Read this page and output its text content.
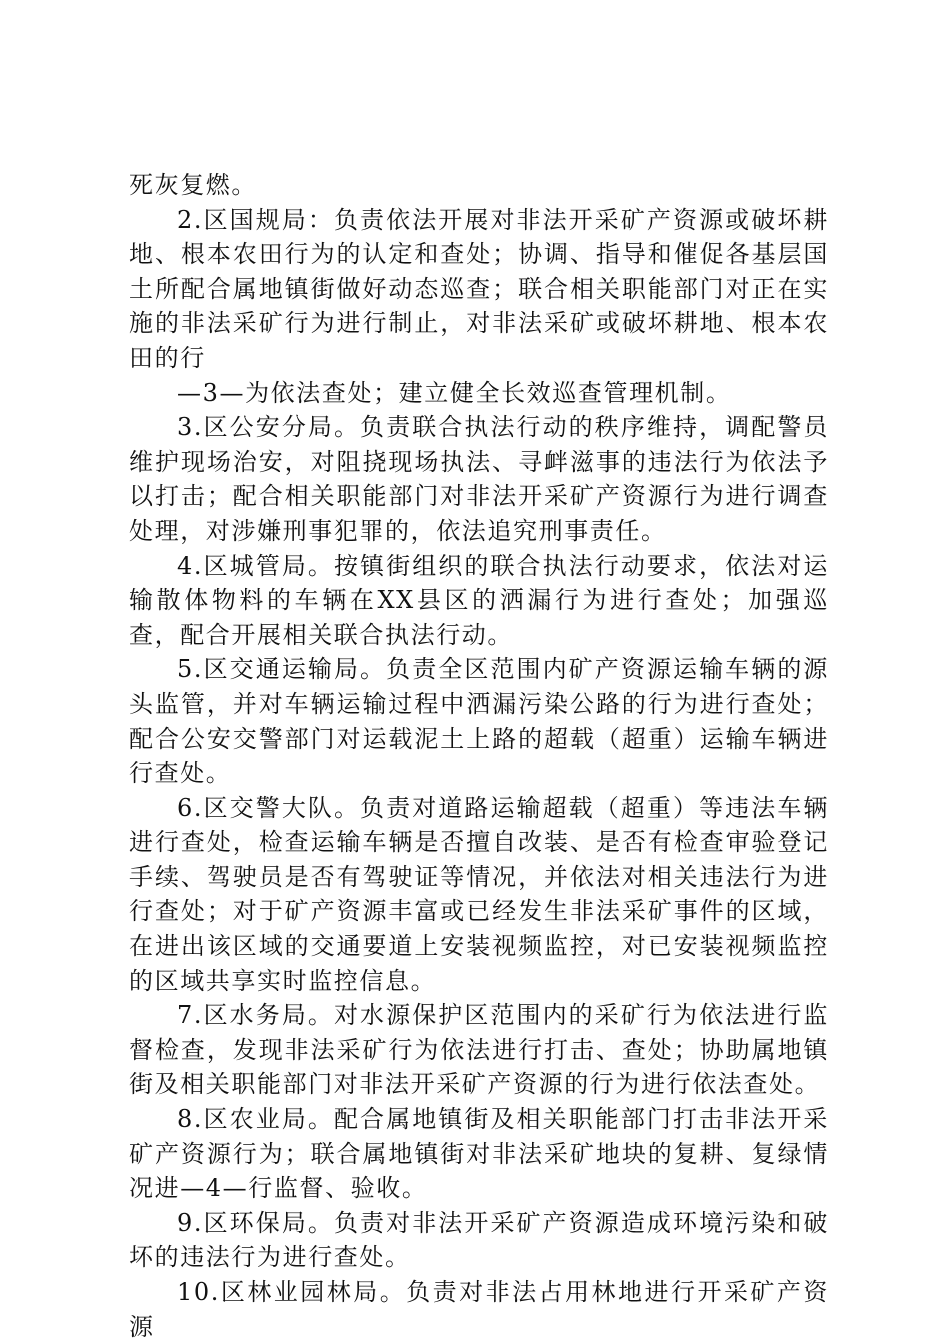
死灰复燃。

2.区国规局：负责依法开展对非法开采矿产资源或破坏耕地、根本农田行为的认定和查处；协调、指导和催促各基层国土所配合属地镇街做好动态巡查；联合相关职能部门对正在实施的非法采矿行为进行制止，对非法采矿或破坏耕地、根本农田的行

—3—为依法查处；建立健全长效巡查管理机制。

3.区公安分局。负责联合执法行动的秩序维持，调配警员维护现场治安，对阻挠现场执法、寻衅滋事的违法行为依法予以打击；配合相关职能部门对非法开采矿产资源行为进行调查处理，对涉嫌刑事犯罪的，依法追究刑事责任。

4.区城管局。按镇街组织的联合执法行动要求，依法对运输散体物料的车辆在XX县区的洒漏行为进行查处；加强巡查，配合开展相关联合执法行动。

5.区交通运输局。负责全区范围内矿产资源运输车辆的源头监管，并对车辆运输过程中洒漏污染公路的行为进行查处；配合公安交警部门对运载泥土上路的超载（超重）运输车辆进行查处。

6.区交警大队。负责对道路运输超载（超重）等违法车辆进行查处，检查运输车辆是否擅自改装、是否有检查审验登记手续、驾驶员是否有驾驶证等情况，并依法对相关违法行为进行查处；对于矿产资源丰富或已经发生非法采矿事件的区域，在进出该区域的交通要道上安装视频监控，对已安装视频监控的区域共享实时监控信息。

7.区水务局。对水源保护区范围内的采矿行为依法进行监督检查，发现非法采矿行为依法进行打击、查处；协助属地镇街及相关职能部门对非法开采矿产资源的行为进行依法查处。

8.区农业局。配合属地镇街及相关职能部门打击非法开采矿产资源行为；联合属地镇街对非法采矿地块的复耕、复绿情况进—4—行监督、验收。

9.区环保局。负责对非法开采矿产资源造成环境污染和破坏的违法行为进行查处。

10.区林业园林局。负责对非法占用林地进行开采矿产资源
